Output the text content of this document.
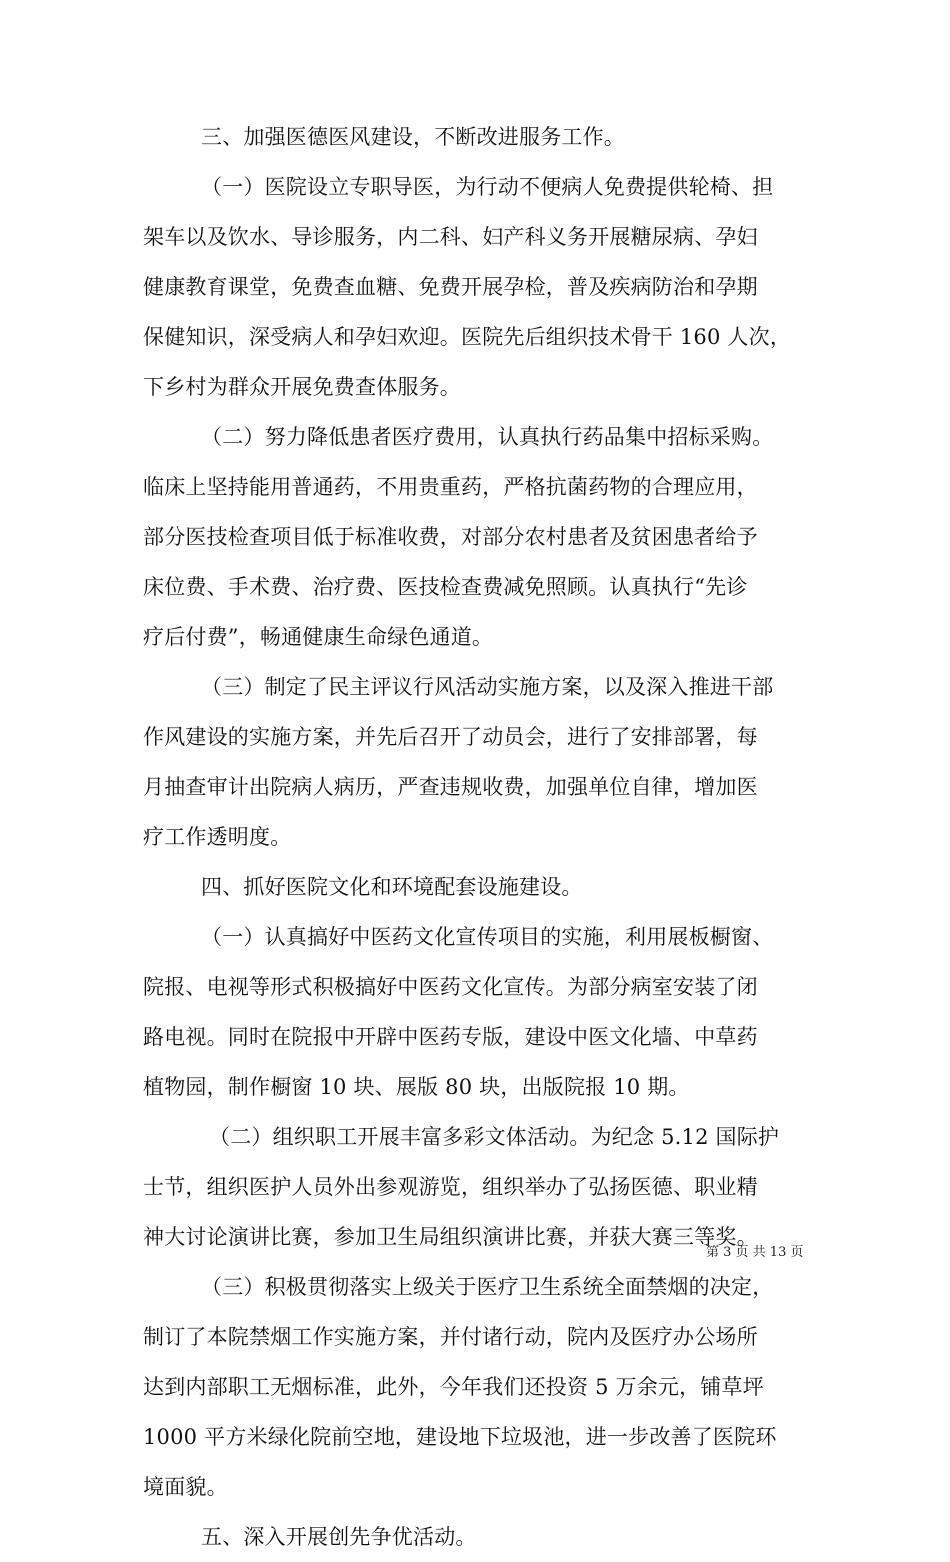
三、加强医德医风建设，不断改进服务工作。
（一）医院设立专职导医，为行动不便病人免费提供轮椅、担
架车以及饮水、导诊服务，内二科、妇产科义务开展糖尿病、孕妇
健康教育课堂，免费查血糖、免费开展孕检，普及疾病防治和孕期
保健知识，深受病人和孕妇欢迎。医院先后组织技术骨干 160 人次，
下乡村为群众开展免费查体服务。
（二）努力降低患者医疗费用，认真执行药品集中招标采购。
临床上坚持能用普通药，不用贵重药，严格抗菌药物的合理应用，
部分医技检查项目低于标准收费，对部分农村患者及贫困患者给予
床位费、手术费、治疗费、医技检查费减免照顾。认真执行“先诊
疗后付费”，畅通健康生命绿色通道。
（三）制定了民主评议行风活动实施方案，以及深入推进干部
作风建设的实施方案，并先后召开了动员会，进行了安排部署，每
月抽查审计出院病人病历，严查违规收费，加强单位自律，增加医
疗工作透明度。
四、抓好医院文化和环境配套设施建设。
（一）认真搞好中医药文化宣传项目的实施，利用展板橱窗、
院报、电视等形式积极搞好中医药文化宣传。为部分病室安装了闭
路电视。同时在院报中开辟中医药专版，建设中医文化墙、中草药
植物园，制作橱窗 10 块、展版 80 块，出版院报 10 期。
（二）组织职工开展丰富多彩文体活动。为纪念 5.12 国际护
士节，组织医护人员外出参观游览，组织举办了弘扬医德、职业精
神大讨论演讲比赛，参加卫生局组织演讲比赛，并获大赛三等奖。
（三）积极贯彻落实上级关于医疗卫生系统全面禁烟的决定，
制订了本院禁烟工作实施方案，并付诸行动，院内及医疗办公场所
达到内部职工无烟标准，此外，今年我们还投资 5 万余元，铺草坪
1000 平方米绿化院前空地，建设地下垃圾池，进一步改善了医院环
境面貌。
五、深入开展创先争优活动。
第 3 页 共 13 页
